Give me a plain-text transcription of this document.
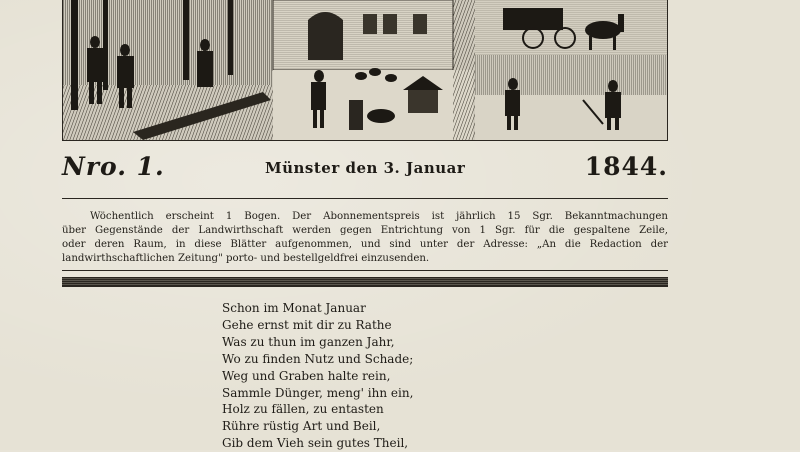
Nro. 1.	Münster den 3. Januar	1844.
Wöchentlich erscheint 1 Bogen. Der Abonnementspreis ist jährlich 15 Sgr. Bekanntmachungen
über Gegenstände der Landwirthschaft werden gegen Entrichtung von 1 Sgr. für die gespaltene Zeile,
oder deren Raum, in diese Blätter aufgenommen, und sind unter der Adresse: „An die Redaction der
landwirthschaftlichen Zeitung" porto- und bestellgeldfrei einzusenden.
Schon im Monat Januar
Gehe ernst mit dir zu Rathe
Was zu thun im ganzen Jahr,
Wo zu finden Nutz und Schade;
Weg und Graben halte rein,
Sammle Dünger, meng' ihn ein,
Holz zu fällen, zu entasten
Rühre rüstig Art und Beil,
Gib dem Vieh sein gutes Theil,
